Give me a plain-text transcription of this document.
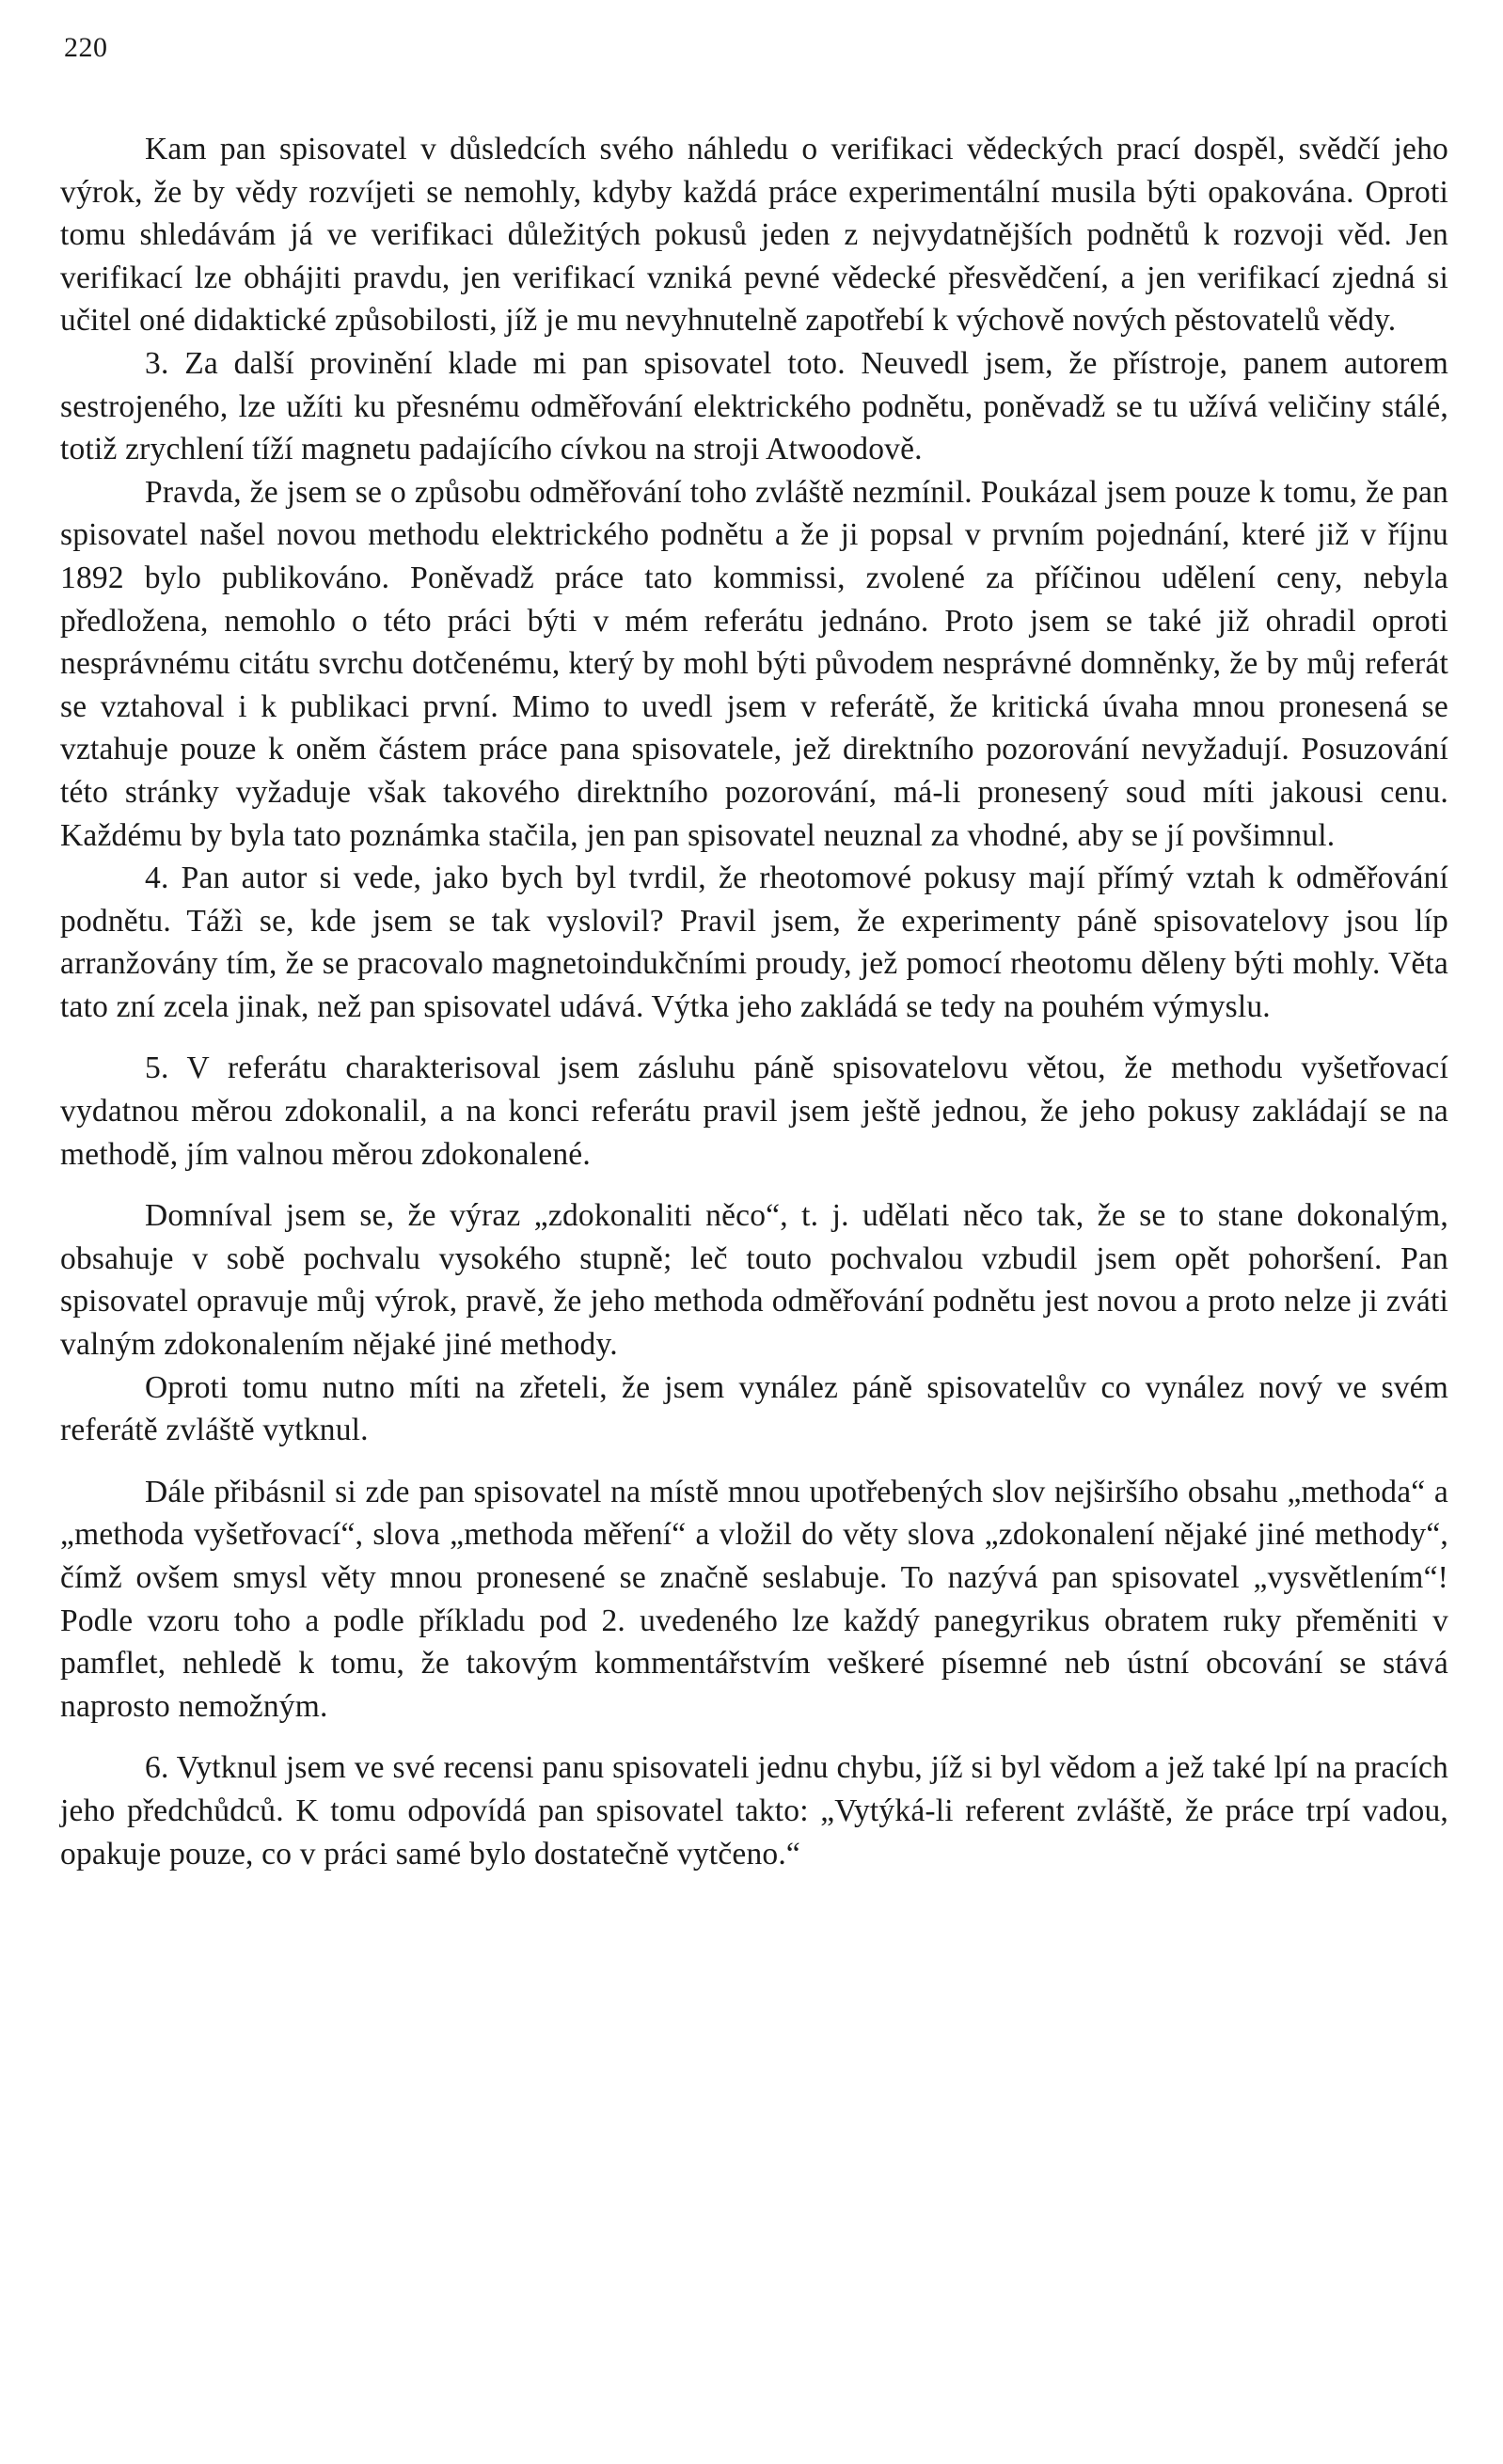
220

Kam pan spisovatel v důsledcích svého náhledu o verifikaci vědeckých prací dospěl, svědčí jeho výrok, že by vědy rozvíjeti se nemohly, kdyby každá práce experimentální musila býti opakována. Oproti tomu shledávám já ve verifikaci důležitých pokusů jeden z nejvydatnějších podnětů k rozvoji věd. Jen verifikací lze obhájiti pravdu, jen verifikací vzniká pevné vědecké přesvědčení, a jen verifikací zjedná si učitel oné didaktické způsobilosti, jíž je mu nevyhnutelně zapotřebí k výchově nových pěstovatelů vědy.

3. Za další provinění klade mi pan spisovatel toto. Neuvedl jsem, že přístroje, panem autorem sestrojeného, lze užíti ku přesnému odměřování elektrického podnětu, poněvadž se tu užívá veličiny stálé, totiž zrychlení tíží magnetu padajícího cívkou na stroji Atwoodově.

Pravda, že jsem se o způsobu odměřování toho zvláště nezmínil. Poukázal jsem pouze k tomu, že pan spisovatel našel novou methodu elektrického podnětu a že ji popsal v prvním pojednání, které již v říjnu 1892 bylo publikováno. Poněvadž práce tato kommissi, zvolené za příčinou udělení ceny, nebyla předložena, nemohlo o této práci býti v mém referátu jednáno. Proto jsem se také již ohradil oproti nesprávnému citátu svrchu dotčenému, který by mohl býti původem nesprávné domněnky, že by můj referát se vztahoval i k publikaci první. Mimo to uvedl jsem v referátě, že kritická úvaha mnou pronesená se vztahuje pouze k oněm částem práce pana spisovatele, jež direktního pozorování nevyžadují. Posuzování této stránky vyžaduje však takového direktního pozorování, má-li pronesený soud míti jakousi cenu. Každému by byla tato poznámka stačila, jen pan spisovatel neuznal za vhodné, aby se jí povšimnul.

4. Pan autor si vede, jako bych byl tvrdil, že rheotomové pokusy mají přímý vztah k odměřování podnětu. Tážì se, kde jsem se tak vyslovil? Pravil jsem, že experimenty páně spisovatelovy jsou líp arranžovány tím, že se pracovalo magnetoindukčními proudy, jež pomocí rheotomu děleny býti mohly. Věta tato zní zcela jinak, než pan spisovatel udává. Výtka jeho zakládá se tedy na pouhém výmyslu.

5. V referátu charakterisoval jsem zásluhu páně spisovatelovu větou, že methodu vyšetřovací vydatnou měrou zdokonalil, a na konci referátu pravil jsem ještě jednou, že jeho pokusy zakládají se na methodě, jím valnou měrou zdokonalené.

Domníval jsem se, že výraz „zdokonaliti něco“, t. j. udělati něco tak, že se to stane dokonalým, obsahuje v sobě pochvalu vysokého stupně; leč touto pochvalou vzbudil jsem opět pohoršení. Pan spisovatel opravuje můj výrok, pravě, že jeho methoda odměřování podnětu jest novou a proto nelze ji zváti valným zdokonalením nějaké jiné methody.

Oproti tomu nutno míti na zřeteli, že jsem vynález páně spisovatelův co vynález nový ve svém referátě zvláště vytknul.

Dále přibásnil si zde pan spisovatel na místě mnou upotřebených slov nejširšího obsahu „methoda“ a „methoda vyšetřovací“, slova „methoda měření“ a vložil do věty slova „zdokonalení nějaké jiné methody“, čímž ovšem smysl věty mnou pronesené se značně seslabuje. To nazývá pan spisovatel „vysvětlením“! Podle vzoru toho a podle příkladu pod 2. uvedeného lze každý panegyrikus obratem ruky přeměniti v pamflet, nehledě k tomu, že takovým kommentářstvím veškeré písemné neb ústní obcování se stává naprosto nemožným.

6. Vytknul jsem ve své recensi panu spisovateli jednu chybu, jíž si byl vědom a jež také lpí na pracích jeho předchůdců. K tomu odpovídá pan spisovatel takto: „Vytýká-li referent zvláště, že práce trpí vadou, opakuje pouze, co v práci samé bylo dostatečně vytčeno.“
